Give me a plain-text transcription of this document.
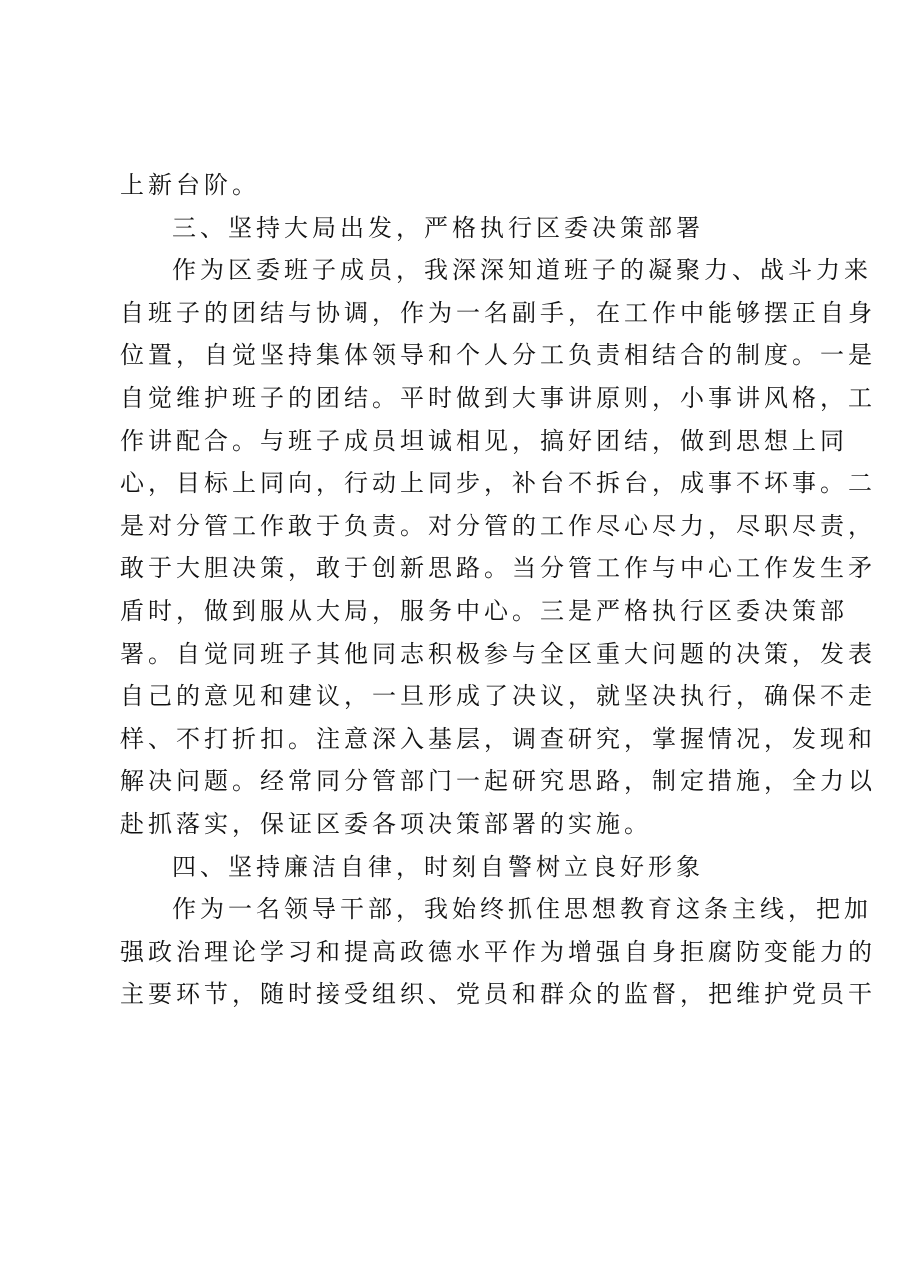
上新台阶。
三、坚持大局出发，严格执行区委决策部署
作为区委班子成员，我深深知道班子的凝聚力、战斗力来
自班子的团结与协调，作为一名副手，在工作中能够摆正自身
位置，自觉坚持集体领导和个人分工负责相结合的制度。一是
自觉维护班子的团结。平时做到大事讲原则，小事讲风格，工
作讲配合。与班子成员坦诚相见，搞好团结，做到思想上同
心，目标上同向，行动上同步，补台不拆台，成事不坏事。二
是对分管工作敢于负责。对分管的工作尽心尽力，尽职尽责，
敢于大胆决策，敢于创新思路。当分管工作与中心工作发生矛
盾时，做到服从大局，服务中心。三是严格执行区委决策部
署。自觉同班子其他同志积极参与全区重大问题的决策，发表
自己的意见和建议，一旦形成了决议，就坚决执行，确保不走
样、不打折扣。注意深入基层，调查研究，掌握情况，发现和
解决问题。经常同分管部门一起研究思路，制定措施，全力以
赴抓落实，保证区委各项决策部署的实施。
四、坚持廉洁自律，时刻自警树立良好形象
作为一名领导干部，我始终抓住思想教育这条主线，把加
强政治理论学习和提高政德水平作为增强自身拒腐防变能力的
主要环节，随时接受组织、党员和群众的监督，把维护党员干
